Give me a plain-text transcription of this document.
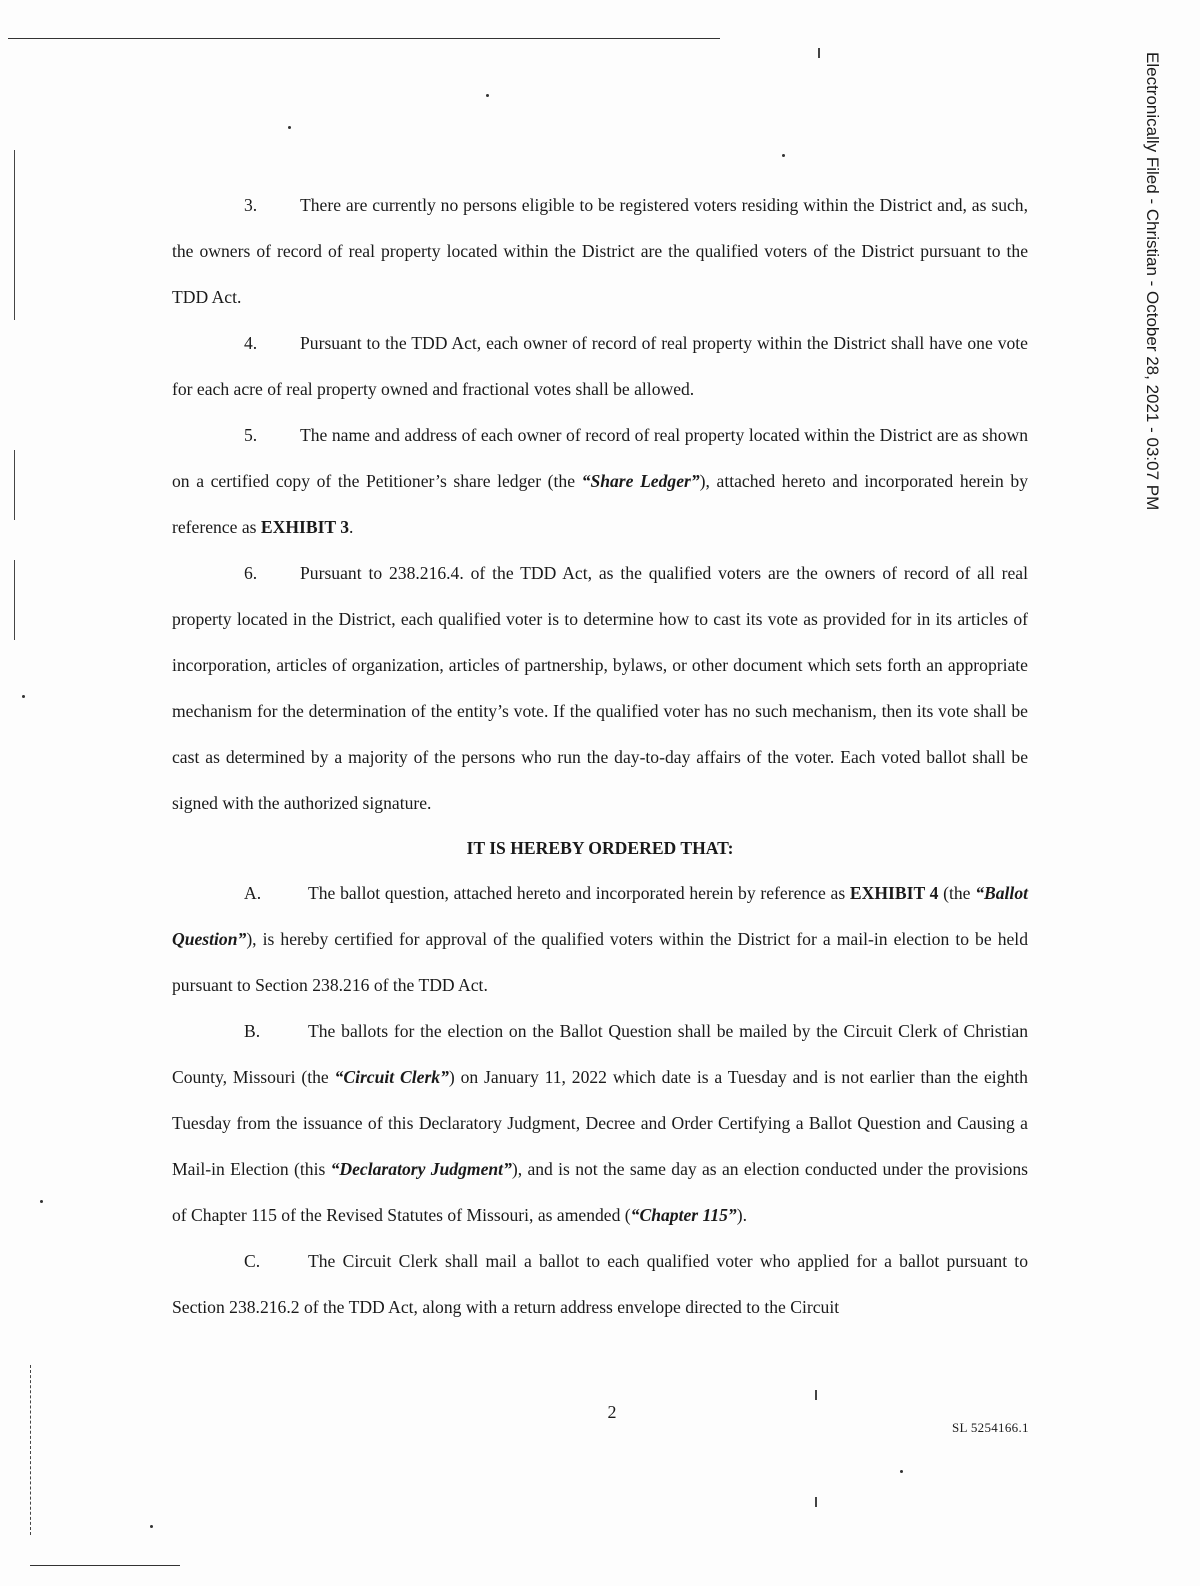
Electronically Filed - Christian - October 28, 2021 - 03:07 PM

3. There are currently no persons eligible to be registered voters residing within the District and, as such, the owners of record of real property located within the District are the qualified voters of the District pursuant to the TDD Act.

4. Pursuant to the TDD Act, each owner of record of real property within the District shall have one vote for each acre of real property owned and fractional votes shall be allowed.

5. The name and address of each owner of record of real property located within the District are as shown on a certified copy of the Petitioner’s share ledger (the “Share Ledger”), attached hereto and incorporated herein by reference as EXHIBIT 3.

6. Pursuant to 238.216.4. of the TDD Act, as the qualified voters are the owners of record of all real property located in the District, each qualified voter is to determine how to cast its vote as provided for in its articles of incorporation, articles of organization, articles of partnership, bylaws, or other document which sets forth an appropriate mechanism for the determination of the entity’s vote. If the qualified voter has no such mechanism, then its vote shall be cast as determined by a majority of the persons who run the day-to-day affairs of the voter. Each voted ballot shall be signed with the authorized signature.

IT IS HEREBY ORDERED THAT:

A.	The ballot question, attached hereto and incorporated herein by reference as EXHIBIT 4 (the “Ballot Question”), is hereby certified for approval of the qualified voters within the District for a mail-in election to be held pursuant to Section 238.216 of the TDD Act.

B.	The ballots for the election on the Ballot Question shall be mailed by the Circuit Clerk of Christian County, Missouri (the “Circuit Clerk”) on January 11, 2022 which date is a Tuesday and is not earlier than the eighth Tuesday from the issuance of this Declaratory Judgment, Decree and Order Certifying a Ballot Question and Causing a Mail-in Election (this “Declaratory Judgment”), and is not the same day as an election conducted under the provisions of Chapter 115 of the Revised Statutes of Missouri, as amended (“Chapter 115”).

C.	The Circuit Clerk shall mail a ballot to each qualified voter who applied for a ballot pursuant to Section 238.216.2 of the TDD Act, along with a return address envelope directed to the Circuit

2
SL 5254166.1
